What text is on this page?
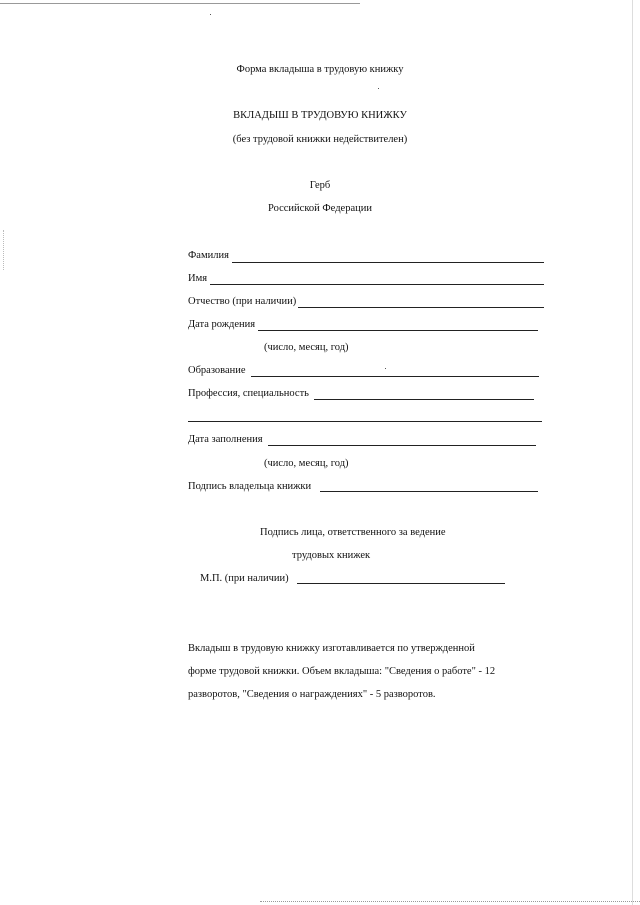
Форма вкладыша в трудовую книжку
ВКЛАДЫШ В ТРУДОВУЮ КНИЖКУ
(без трудовой книжки недействителен)
Герб
Российской Федерации
Фамилия
Имя
Отчество (при наличии)
Дата рождения
(число, месяц, год)
Образование
Профессия, специальность
Дата заполнения
(число, месяц, год)
Подпись владельца книжки
Подпись лица, ответственного за ведение
трудовых книжек
М.П. (при наличии)
Вкладыш в трудовую книжку изготавливается по утвержденной
форме трудовой книжки. Объем вкладыша: "Сведения о работе" - 12
разворотов, "Сведения о награждениях" - 5 разворотов.
